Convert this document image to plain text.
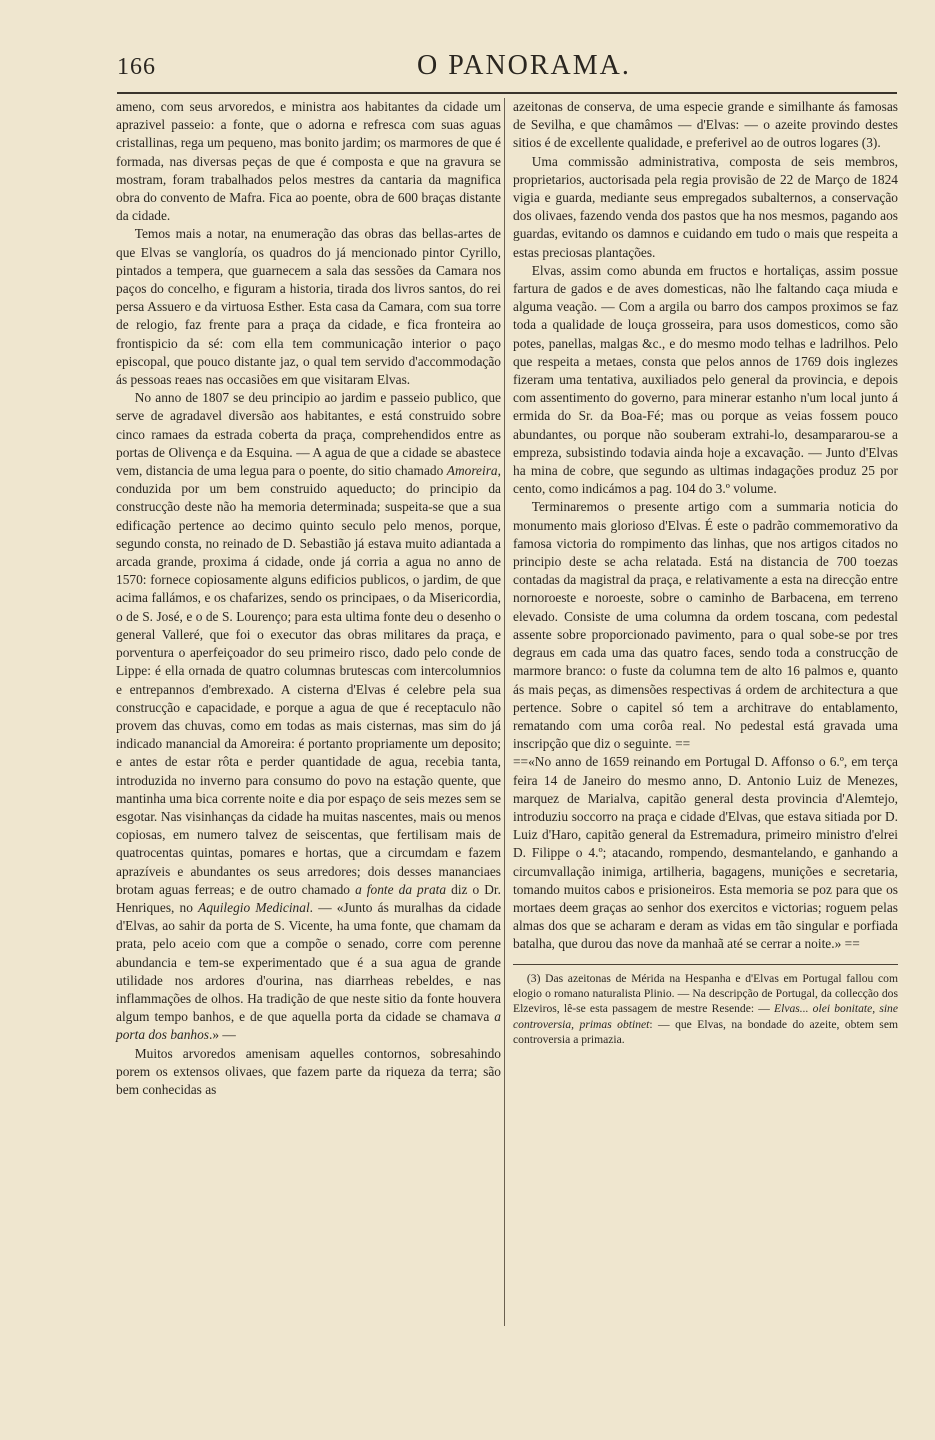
166	O PANORAMA.

ameno, com seus arvoredos, e ministra aos habitantes da cidade um aprazivel passeio: a fonte, que o adorna e refresca com suas aguas cristallinas, rega um pequeno, mas bonito jardim; os marmores de que é formada, nas diversas peças de que é composta e que na gravura se mostram, foram trabalhados pelos mestres da cantaria da magnifica obra do convento de Mafra. Fica ao poente, obra de 600 braças distante da cidade.

Temos mais a notar, na enumeração das obras das bellas-artes de que Elvas se vangloría, os quadros do já mencionado pintor Cyrillo, pintados a tempera, que guarnecem a sala das sessões da Camara nos paços do concelho, e figuram a historia, tirada dos livros santos, do rei persa Assuero e da virtuosa Esther. Esta casa da Camara, com sua torre de relogio, faz frente para a praça da cidade, e fica fronteira ao frontispicio da sé: com ella tem communicação interior o paço episcopal, que pouco distante jaz, o qual tem servido d'accommodação ás pessoas reaes nas occasiões em que visitaram Elvas.

No anno de 1807 se deu principio ao jardim e passeio publico, que serve de agradavel diversão aos habitantes, e está construido sobre cinco ramaes da estrada coberta da praça, comprehendidos entre as portas de Olivença e da Esquina. — A agua de que a cidade se abastece vem, distancia de uma legua para o poente, do sitio chamado Amoreira, conduzida por um bem construido aqueducto; do principio da construcção deste não ha memoria determinada; suspeita-se que a sua edificação pertence ao decimo quinto seculo pelo menos, porque, segundo consta, no reinado de D. Sebastião já estava muito adiantada a arcada grande, proxima á cidade, onde já corria a agua no anno de 1570: fornece copiosamente alguns edificios publicos, o jardim, de que acima fallámos, e os chafarizes, sendo os principaes, o da Misericordia, o de S. José, e o de S. Lourenço; para esta ultima fonte deu o desenho o general Valleré, que foi o executor das obras militares da praça, e porventura o aperfeiçoador do seu primeiro risco, dado pelo conde de Lippe: é ella ornada de quatro columnas brutescas com intercolumnios e entrepannos d'embrexado. A cisterna d'Elvas é celebre pela sua construcção e capacidade, e porque a agua de que é receptaculo não provem das chuvas, como em todas as mais cisternas, mas sim do já indicado manancial da Amoreira: é portanto propriamente um deposito; e antes de estar rôta e perder quantidade de agua, recebia tanta, introduzida no inverno para consumo do povo na estação quente, que mantinha uma bica corrente noite e dia por espaço de seis mezes sem se esgotar. Nas visinhanças da cidade ha muitas nascentes, mais ou menos copiosas, em numero talvez de seiscentas, que fertilisam mais de quatrocentas quintas, pomares e hortas, que a circumdam e fazem aprazíveis e abundantes os seus arredores; dois desses mananciaes brotam aguas ferreas; e de outro chamado a fonte da prata diz o Dr. Henriques, no Aquilegio Medicinal. — «Junto ás muralhas da cidade d'Elvas, ao sahir da porta de S. Vicente, ha uma fonte, que chamam da prata, pelo aceio com que a compõe o senado, corre com perenne abundancia e tem-se experimentado que é a sua agua de grande utilidade nos ardores d'ourina, nas diarrheas rebeldes, e nas inflammações de olhos. Ha tradição de que neste sitio da fonte houvera algum tempo banhos, e de que aquella porta da cidade se chamava a porta dos banhos.» —

Muitos arvoredos amenisam aquelles contornos, sobresahindo porem os extensos olivaes, que fazem parte da riqueza da terra; são bem conhecidas as

azeitonas de conserva, de uma especie grande e similhante ás famosas de Sevilha, e que chamâmos — d'Elvas: — o azeite provindo destes sitios é de excellente qualidade, e preferivel ao de outros logares (3).

Uma commissão administrativa, composta de seis membros, proprietarios, auctorisada pela regia provisão de 22 de Março de 1824 vigia e guarda, mediante seus empregados subalternos, a conservação dos olivaes, fazendo venda dos pastos que ha nos mesmos, pagando aos guardas, evitando os damnos e cuidando em tudo o mais que respeita a estas preciosas plantações.

Elvas, assim como abunda em fructos e hortaliças, assim possue fartura de gados e de aves domesticas, não lhe faltando caça miuda e alguma veação. — Com a argila ou barro dos campos proximos se faz toda a qualidade de louça grosseira, para usos domesticos, como são potes, panellas, malgas &c., e do mesmo modo telhas e ladrilhos. Pelo que respeita a metaes, consta que pelos annos de 1769 dois inglezes fizeram uma tentativa, auxiliados pelo general da provincia, e depois com assentimento do governo, para minerar estanho n'um local junto á ermida do Sr. da Boa-Fé; mas ou porque as veias fossem pouco abundantes, ou porque não souberam extrahi-lo, desampararou-se a empreza, subsistindo todavia ainda hoje a excavação. — Junto d'Elvas ha mina de cobre, que segundo as ultimas indagações produz 25 por cento, como indicámos a pag. 104 do 3.º volume.

Terminaremos o presente artigo com a summaria noticia do monumento mais glorioso d'Elvas. É este o padrão commemorativo da famosa victoria do rompimento das linhas, que nos artigos citados no principio deste se acha relatada. Está na distancia de 700 toezas contadas da magistral da praça, e relativamente a esta na direcção entre nornoroeste e noroeste, sobre o caminho de Barbacena, em terreno elevado. Consiste de uma columna da ordem toscana, com pedestal assente sobre proporcionado pavimento, para o qual sobe-se por tres degraus em cada uma das quatro faces, sendo toda a construcção de marmore branco: o fuste da columna tem de alto 16 palmos e, quanto ás mais peças, as dimensões respectivas á ordem de architectura a que pertence. Sobre o capitel só tem a architrave do entablamento, rematando com uma corôa real. No pedestal está gravada uma inscripção que diz o seguinte. ==

==«No anno de 1659 reinando em Portugal D. Affonso o 6.º, em terça feira 14 de Janeiro do mesmo anno, D. Antonio Luiz de Menezes, marquez de Marialva, capitão general desta provincia d'Alemtejo, introduziu soccorro na praça e cidade d'Elvas, que estava sitiada por D. Luiz d'Haro, capitão general da Estremadura, primeiro ministro d'elrei D. Filippe o 4.º; atacando, rompendo, desmantelando, e ganhando a circumvallação inimiga, artilheria, bagagens, munições e secretaria, tomando muitos cabos e prisioneiros. Esta memoria se poz para que os mortaes deem graças ao senhor dos exercitos e victorias; roguem pelas almas dos que se acharam e deram as vidas em tão singular e porfiada batalha, que durou das nove da manhaã até se cerrar a noite.» ==

(3) Das azeitonas de Mérida na Hespanha e d'Elvas em Portugal fallou com elogio o romano naturalista Plinio. — Na descripção de Portugal, da collecção dos Elzeviros, lê-se esta passagem de mestre Resende: — Elvas... olei bonitate, sine controversia, primas obtinet: — que Elvas, na bondade do azeite, obtem sem controversia a primazia.
